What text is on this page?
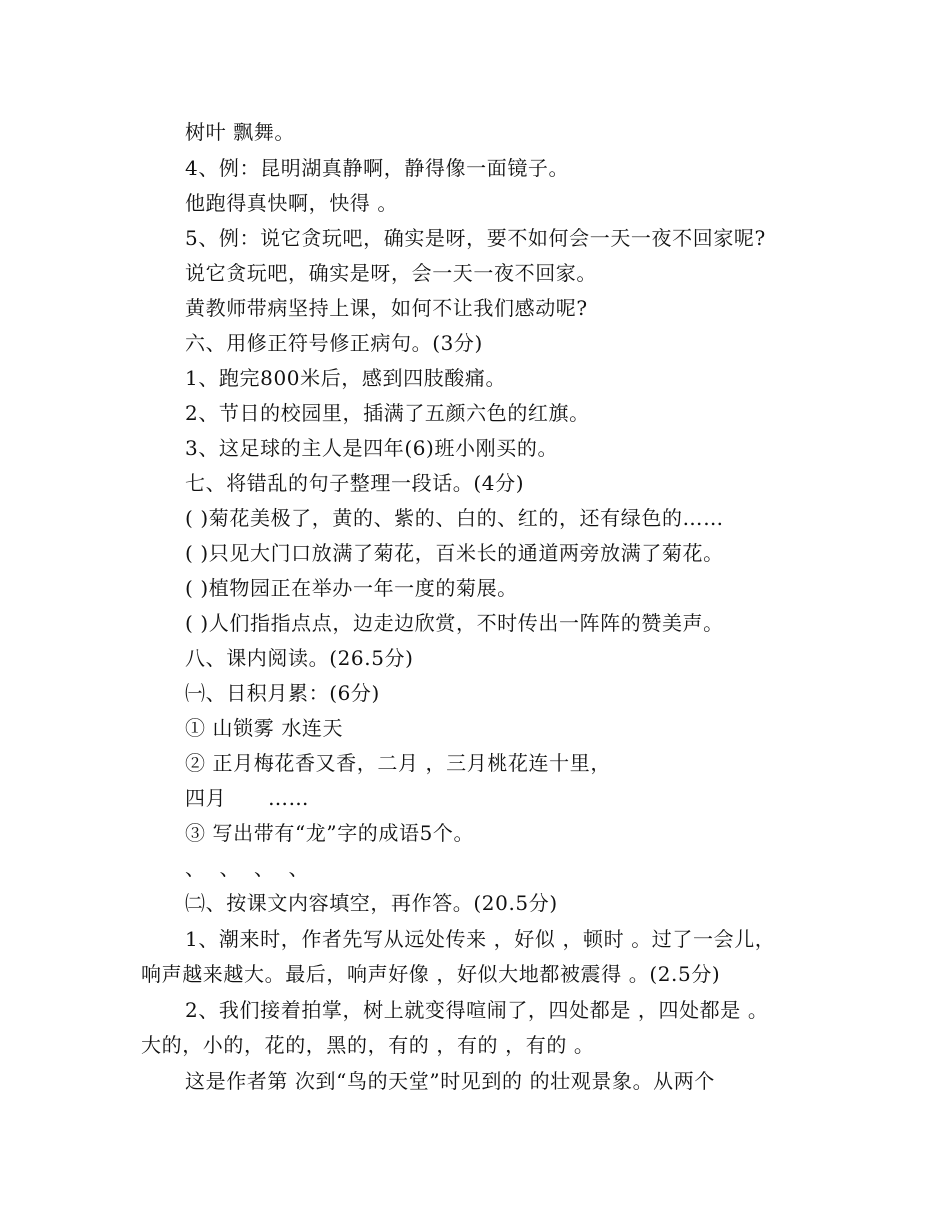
树叶 飘舞。
4、例：昆明湖真静啊，静得像一面镜子。
他跑得真快啊，快得 。
5、例：说它贪玩吧，确实是呀，要不如何会一天一夜不回家呢?
说它贪玩吧，确实是呀，会一天一夜不回家。
黄教师带病坚持上课，如何不让我们感动呢?
六、用修正符号修正病句。(3分)
1、跑完800米后，感到四肢酸痛。
2、节日的校园里，插满了五颜六色的红旗。
3、这足球的主人是四年(6)班小刚买的。
七、将错乱的句子整理一段话。(4分)
( )菊花美极了，黄的、紫的、白的、红的，还有绿色的……
( )只见大门口放满了菊花，百米长的通道两旁放满了菊花。
( )植物园正在举办一年一度的菊展。
( )人们指指点点，边走边欣赏，不时传出一阵阵的赞美声。
八、课内阅读。(26.5分)
㈠、日积月累：(6分)
① 山锁雾 水连天
② 正月梅花香又香，二月 ，三月桃花连十里，
四月      ……
③ 写出带有“龙”字的成语5个。
、  、  、  、
㈡、按课文内容填空，再作答。(20.5分)
1、潮来时，作者先写从远处传来 ，好似 ，顿时 。过了一会儿，
响声越来越大。最后，响声好像 ，好似大地都被震得 。(2.5分)
2、我们接着拍掌，树上就变得喧闹了，四处都是 ，四处都是 。
大的，小的，花的，黑的，有的 ，有的 ，有的 。
这是作者第 次到“鸟的天堂”时见到的 的壮观景象。从两个
